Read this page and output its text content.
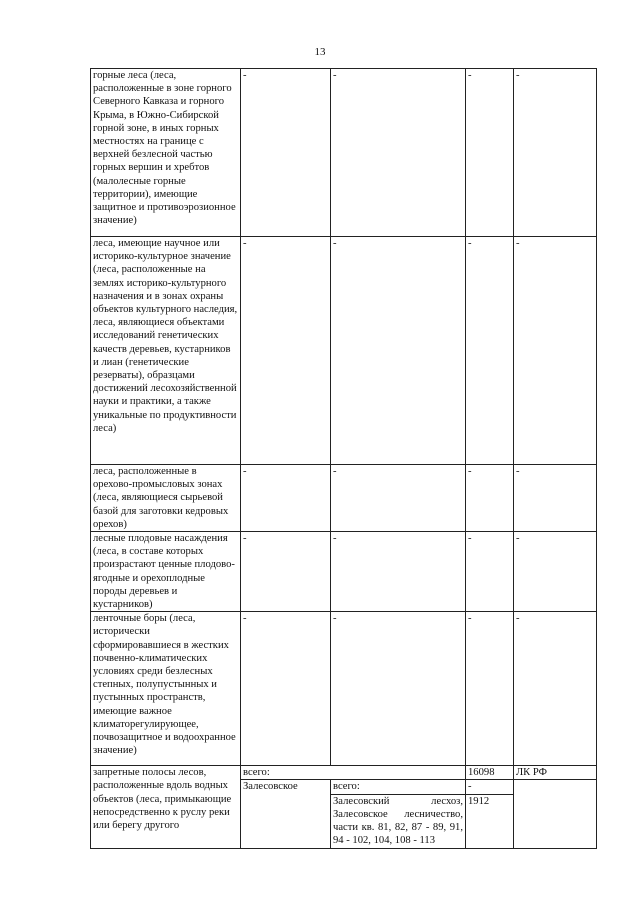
13
горные леса (леса, расположенные в зоне горного Северного Кавказа и горного Крыма, в Южно-Сибирской горной зоне, в иных горных местностях на границе с верхней безлесной частью горных вершин и хребтов (малолесные горные территории), имеющие защитное и противоэрозионное значение)	-	-	-	-
леса, имеющие научное или историко-культурное значение (леса, расположенные на землях историко-культурного назначения и в зонах охраны объектов культурного наследия, леса, являющиеся объектами исследований генетических качеств деревьев, кустарников и лиан (генетические резерваты), образцами достижений лесохозяйственной науки и практики, а также уникальные по продуктивности леса)	-	-	-	-
леса, расположенные в орехово-промысловых зонах (леса, являющиеся сырьевой базой для заготовки кедровых орехов)	-	-	-	-
лесные плодовые насаждения (леса, в составе которых произрастают ценные плодово-ягодные и орехоплодные породы деревьев и кустарников)	-	-	-	-
ленточные боры (леса, исторически сформировавшиеся в жестких почвенно-климатических условиях среди безлесных степных, полупустынных и пустынных пространств, имеющие важное климаторегулирующее, почвозащитное и водоохранное значение)	-	-	-	-
запретные полосы лесов, расположенные вдоль водных объектов (леса, примыкающие непосредственно к руслу реки или берегу другого	всего:		16098	ЛК РФ
	Залесовское	всего:	-	
		Залесовский лесхоз, Залесовское лесничество, части кв. 81, 82, 87 - 89, 91, 94 - 102, 104, 108 - 113	1912	
